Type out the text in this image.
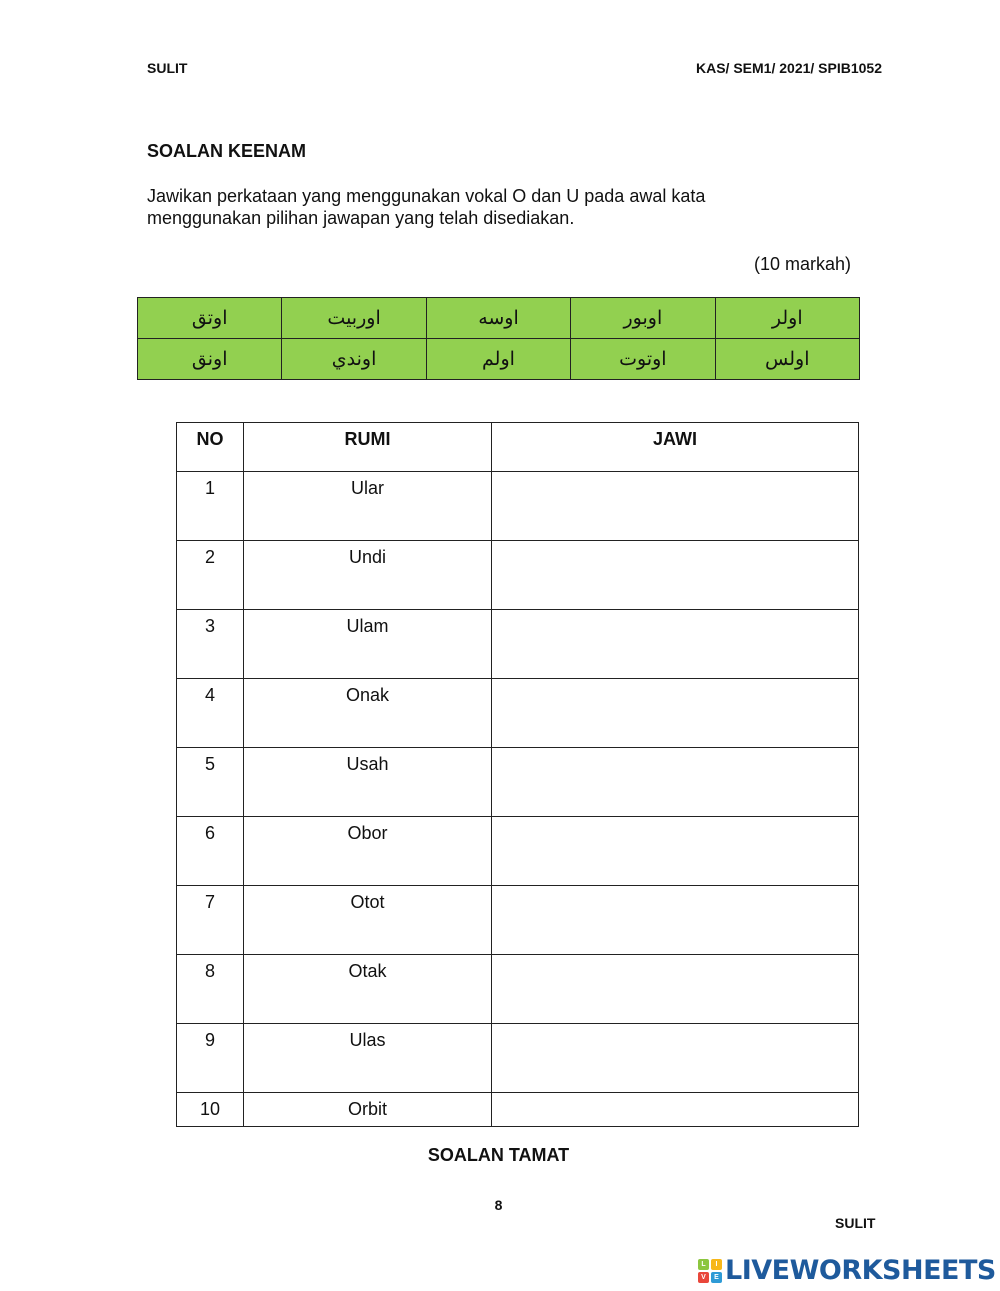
SULIT	KAS/ SEM1/ 2021/ SPIB1052
SOALAN KEENAM
Jawikan perkataan yang menggunakan vokal O dan U pada awal kata
menggunakan pilihan jawapan yang telah disediakan.
(10 markah)
اوتق	اوربيت	اوسه	اوبور	اولر
اونق	اوندي	اولم	اوتوت	اولس
NO	RUMI	JAWI
1	Ular	
2	Undi	
3	Ulam	
4	Onak	
5	Usah	
6	Obor	
7	Otot	
8	Otak	
9	Ulas	
10	Orbit	
SOALAN TAMAT
8
SULIT
L	I
V	E LIVEWORKSHEETS
